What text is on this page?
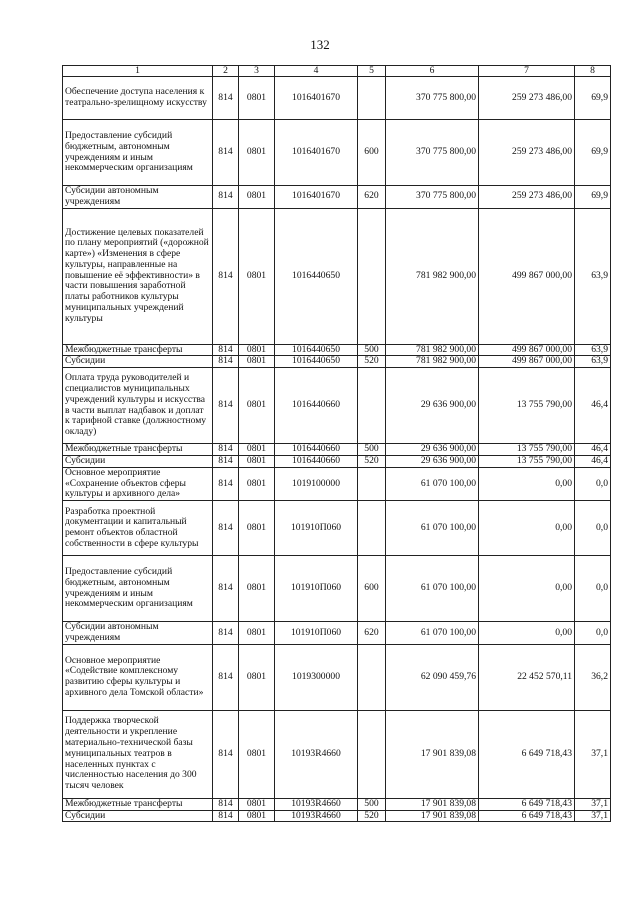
132
1	2	3	4	5	6	7	8
Обеспечение доступа населения к театрально-зрелищному искусству	814	0801	1016401670		370 775 800,00	259 273 486,00	69,9
Предоставление субсидий бюджетным, автономным учреждениям и иным некоммерческим организациям	814	0801	1016401670	600	370 775 800,00	259 273 486,00	69,9
Субсидии автономным учреждениям	814	0801	1016401670	620	370 775 800,00	259 273 486,00	69,9
Достижение целевых показателей по плану мероприятий («дорожной карте») «Изменения в сфере культуры, направленные на повышение её эффективности» в части повышения заработной платы работников культуры муниципальных учреждений культуры	814	0801	1016440650		781 982 900,00	499 867 000,00	63,9
Межбюджетные трансферты	814	0801	1016440650	500	781 982 900,00	499 867 000,00	63,9
Субсидии	814	0801	1016440650	520	781 982 900,00	499 867 000,00	63,9
Оплата труда руководителей и специалистов муниципальных учреждений культуры и искусства в части выплат надбавок и доплат к тарифной ставке (должностному окладу)	814	0801	1016440660		29 636 900,00	13 755 790,00	46,4
Межбюджетные трансферты	814	0801	1016440660	500	29 636 900,00	13 755 790,00	46,4
Субсидии	814	0801	1016440660	520	29 636 900,00	13 755 790,00	46,4
Основное мероприятие «Сохранение объектов сферы культуры и архивного дела»	814	0801	1019100000		61 070 100,00	0,00	0,0
Разработка проектной документации и капитальный ремонт объектов областной собственности в сфере культуры	814	0801	101910П060		61 070 100,00	0,00	0,0
Предоставление субсидий бюджетным, автономным учреждениям и иным некоммерческим организациям	814	0801	101910П060	600	61 070 100,00	0,00	0,0
Субсидии автономным учреждениям	814	0801	101910П060	620	61 070 100,00	0,00	0,0
Основное мероприятие «Содействие комплексному развитию сферы культуры и архивного дела Томской области»	814	0801	1019300000		62 090 459,76	22 452 570,11	36,2
Поддержка творческой деятельности и укрепление материально-технической базы муниципальных театров в населенных пунктах с численностью населения до 300 тысяч человек	814	0801	10193R4660		17 901 839,08	6 649 718,43	37,1
Межбюджетные трансферты	814	0801	10193R4660	500	17 901 839,08	6 649 718,43	37,1
Субсидии	814	0801	10193R4660	520	17 901 839,08	6 649 718,43	37,1
